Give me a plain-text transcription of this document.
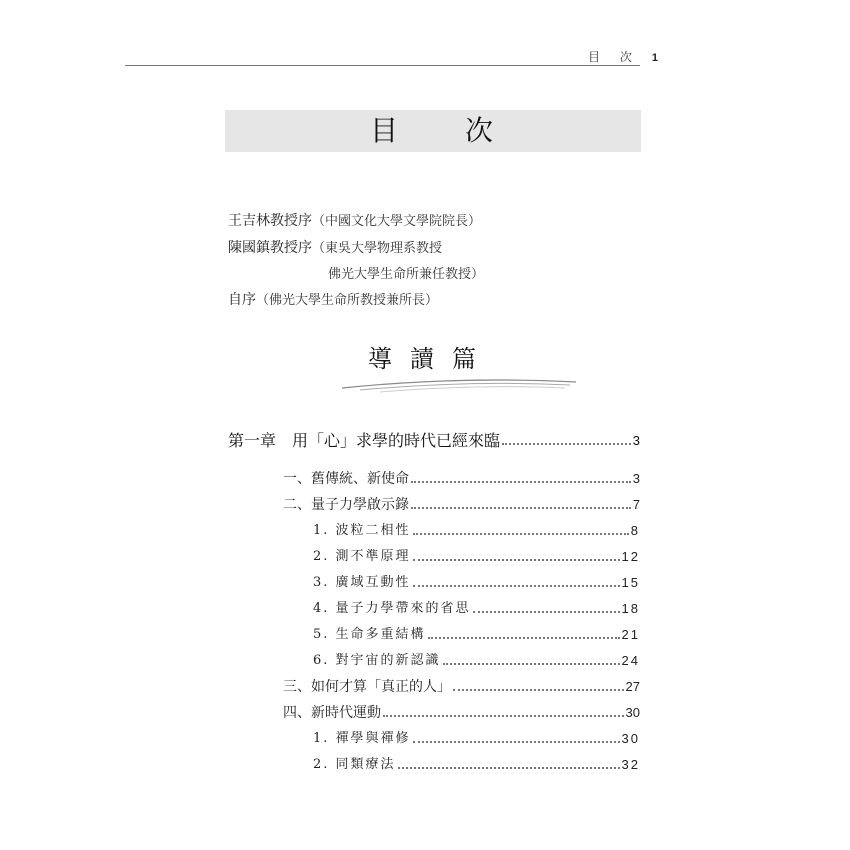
目 次 1
目 次
王吉林教授序（中國文化大學文學院院長）
陳國鎮教授序（東吳大學物理系教授
佛光大學生命所兼任教授）
自序（佛光大學生命所教授兼所長）
導讀篇
第一章　用「心」求學的時代已經來臨	3
一、舊傳統、新使命	3
二、量子力學啟示錄	7
1. 波粒二相性	8
2. 測不準原理	12
3. 廣域互動性	15
4. 量子力學帶來的省思	18
5. 生命多重結構	21
6. 對宇宙的新認識	24
三、如何才算「真正的人」	27
四、新時代運動	30
1. 禪學與禪修	30
2. 同類療法	32
